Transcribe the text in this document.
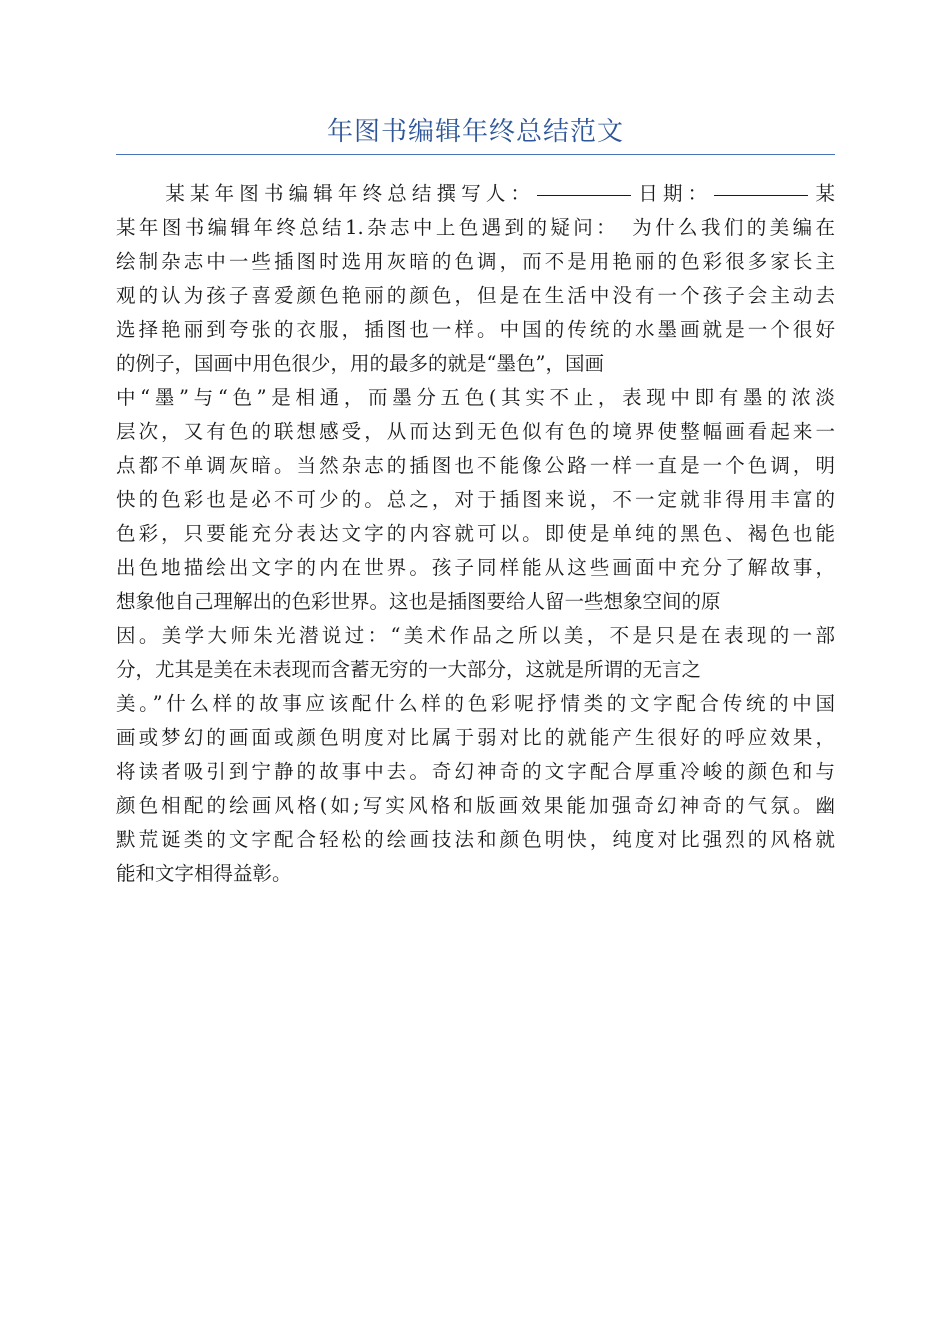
年图书编辑年终总结范文
　　某某年图书编辑年终总结撰写人：	日期：	某
某年图书编辑年终总结1.杂志中上色遇到的疑问：　为什么我们的美编在
绘制杂志中一些插图时选用灰暗的色调，而不是用艳丽的色彩很多家长主
观的认为孩子喜爱颜色艳丽的颜色，但是在生活中没有一个孩子会主动去
选择艳丽到夸张的衣服，插图也一样。中国的传统的水墨画就是一个很好
的例子，国画中用色很少，用的最多的就是“墨色”，国画
中“墨”与“色”是相通，而墨分五色(其实不止，表现中即有墨的浓淡
层次，又有色的联想感受，从而达到无色似有色的境界使整幅画看起来一
点都不单调灰暗。当然杂志的插图也不能像公路一样一直是一个色调，明
快的色彩也是必不可少的。总之，对于插图来说，不一定就非得用丰富的
色彩，只要能充分表达文字的内容就可以。即使是单纯的黑色、褐色也能
出色地描绘出文字的内在世界。孩子同样能从这些画面中充分了解故事，
想象他自己理解出的色彩世界。这也是插图要给人留一些想象空间的原
因。美学大师朱光潜说过：“美术作品之所以美，不是只是在表现的一部
分，尤其是美在未表现而含蓄无穷的一大部分，这就是所谓的无言之
美。”什么样的故事应该配什么样的色彩呢抒情类的文字配合传统的中国
画或梦幻的画面或颜色明度对比属于弱对比的就能产生很好的呼应效果，
将读者吸引到宁静的故事中去。奇幻神奇的文字配合厚重冷峻的颜色和与
颜色相配的绘画风格(如;写实风格和版画效果能加强奇幻神奇的气氛。幽
默荒诞类的文字配合轻松的绘画技法和颜色明快，纯度对比强烈的风格就
能和文字相得益彰。
